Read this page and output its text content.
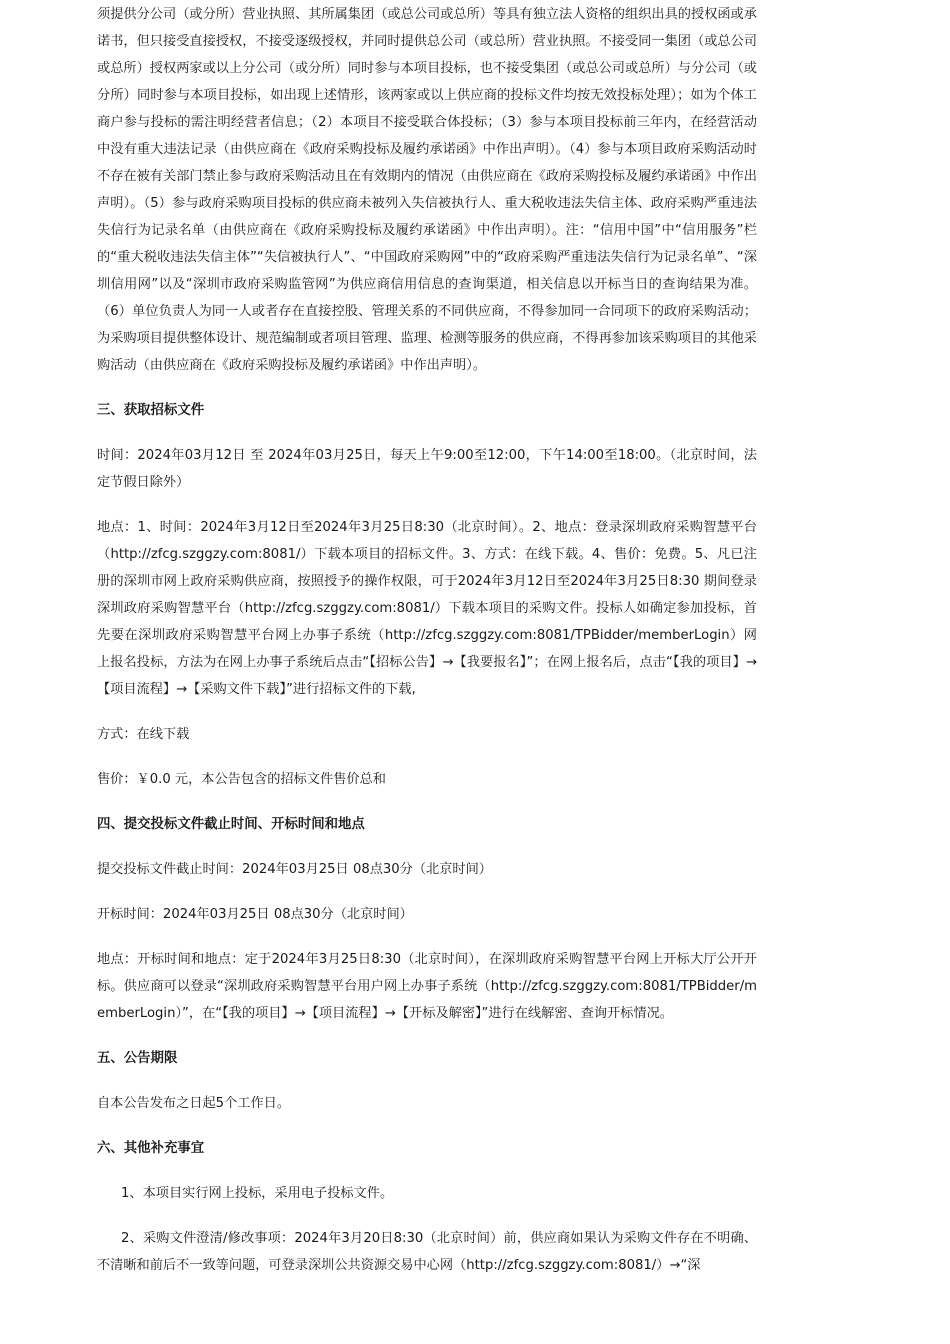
须提供分公司（或分所）营业执照、其所属集团（或总公司或总所）等具有独立法人资格的组织出具的授权函或承诺书，但只接受直接授权，不接受逐级授权，并同时提供总公司（或总所）营业执照。不接受同一集团（或总公司或总所）授权两家或以上分公司（或分所）同时参与本项目投标，也不接受集团（或总公司或总所）与分公司（或分所）同时参与本项目投标，如出现上述情形，该两家或以上供应商的投标文件均按无效投标处理）；如为个体工商户参与投标的需注明经营者信息；（2）本项目不接受联合体投标；（3）参与本项目投标前三年内，在经营活动中没有重大违法记录（由供应商在《政府采购投标及履约承诺函》中作出声明）。（4）参与本项目政府采购活动时不存在被有关部门禁止参与政府采购活动且在有效期内的情况（由供应商在《政府采购投标及履约承诺函》中作出声明）。（5）参与政府采购项目投标的供应商未被列入失信被执行人、重大税收违法失信主体、政府采购严重违法失信行为记录名单（由供应商在《政府采购投标及履约承诺函》中作出声明）。注：“信用中国”中“信用服务”栏的“重大税收违法失信主体”“失信被执行人”、“中国政府采购网”中的“政府采购严重违法失信行为记录名单”、“深圳信用网”以及“深圳市政府采购监管网”为供应商信用信息的查询渠道，相关信息以开标当日的查询结果为准。（6）单位负责人为同一人或者存在直接控股、管理关系的不同供应商，不得参加同一合同项下的政府采购活动；为采购项目提供整体设计、规范编制或者项目管理、监理、检测等服务的供应商，不得再参加该采购项目的其他采购活动（由供应商在《政府采购投标及履约承诺函》中作出声明）。

三、获取招标文件

时间：2024年03月12日 至 2024年03月25日，每天上午9:00至12:00，下午14:00至18:00。（北京时间，法定节假日除外）

地点：1、时间：2024年3月12日至2024年3月25日8:30（北京时间）。2、地点：登录深圳政府采购智慧平台（http://zfcg.szggzy.com:8081/）下载本项目的招标文件。3、方式：在线下载。4、售价：免费。5、凡已注册的深圳市网上政府采购供应商，按照授予的操作权限，可于2024年3月12日至2024年3月25日8:30 期间登录深圳政府采购智慧平台（http://zfcg.szggzy.com:8081/）下载本项目的采购文件。投标人如确定参加投标，首先要在深圳政府采购智慧平台网上办事子系统（http://zfcg.szggzy.com:8081/TPBidder/memberLogin）网上报名投标，方法为在网上办事子系统后点击“【招标公告】→【我要报名】”；在网上报名后，点击“【我的项目】→【项目流程】→【采购文件下载】”进行招标文件的下载,

方式：在线下载

售价：￥0.0 元，本公告包含的招标文件售价总和

四、提交投标文件截止时间、开标时间和地点

提交投标文件截止时间：2024年03月25日 08点30分（北京时间）

开标时间：2024年03月25日 08点30分（北京时间）

地点：开标时间和地点：定于2024年3月25日8:30（北京时间），在深圳政府采购智慧平台网上开标大厅公开开标。供应商可以登录“深圳政府采购智慧平台用户网上办事子系统（http://zfcg.szggzy.com:8081/TPBidder/memberLogin）”，在“【我的项目】→【项目流程】→【开标及解密】”进行在线解密、查询开标情况。

五、公告期限

自本公告发布之日起5个工作日。

六、其他补充事宜

1、本项目实行网上投标，采用电子投标文件。

2、采购文件澄清/修改事项：2024年3月20日8:30（北京时间）前，供应商如果认为采购文件存在不明确、不清晰和前后不一致等问题，可登录深圳公共资源交易中心网（http://zfcg.szggzy.com:8081/）→“深
